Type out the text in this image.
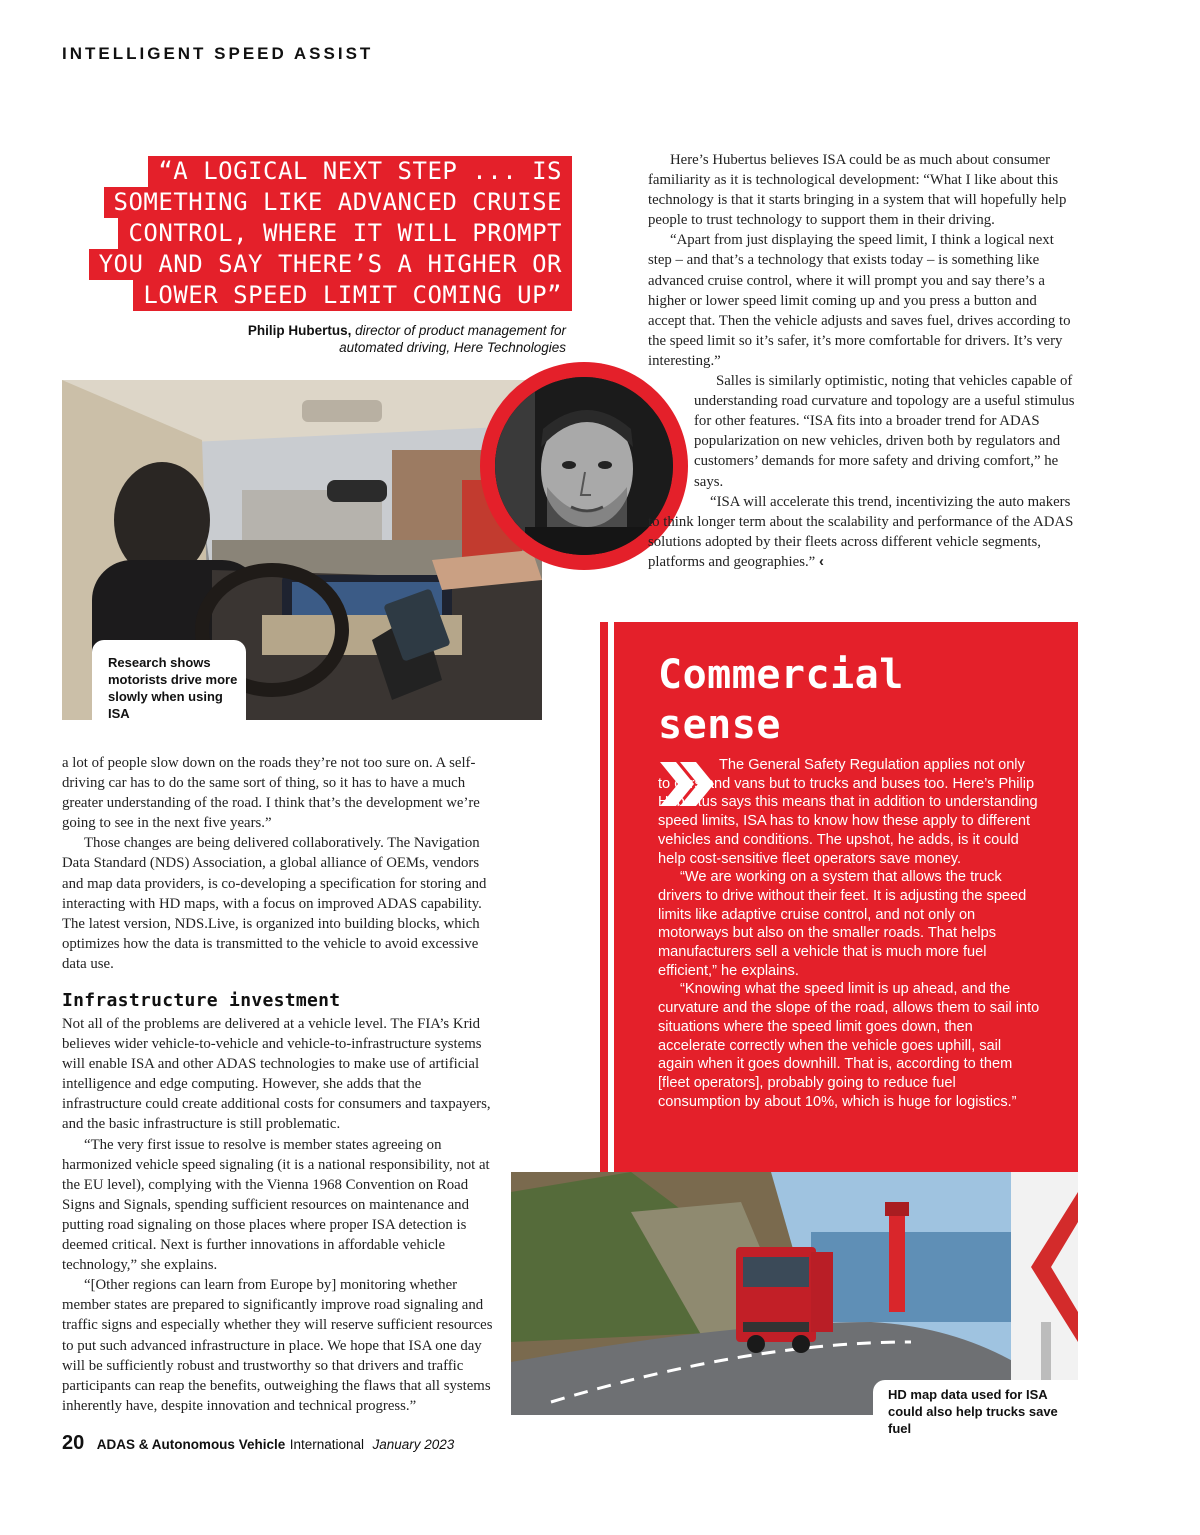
INTELLIGENT SPEED ASSIST
“A LOGICAL NEXT STEP ... IS
SOMETHING LIKE ADVANCED CRUISE
CONTROL, WHERE IT WILL PROMPT
YOU AND SAY THERE’S A HIGHER OR
LOWER SPEED LIMIT COMING UP”
Philip Hubertus, director of product management for
automated driving, Here Technologies
Research shows motorists drive more slowly when using ISA

Here’s Hubertus believes ISA could be as much about consumer familiarity as it is technological development: “What I like about this technology is that it starts bringing in a system that will hopefully help people to trust technology to support them in their driving.

“Apart from just displaying the speed limit, I think a logical next step – and that’s a technology that exists today – is something like advanced cruise control, where it will prompt you and say there’s a higher or lower speed limit coming up and you press a button and accept that. Then the vehicle adjusts and saves fuel, drives according to the speed limit so it’s safer, it’s more comfortable for drivers. It’s very interesting.”

Salles is similarly optimistic, noting that vehicles capable of understanding road curvature and topology are a useful stimulus for other features. “ISA fits into a broader trend for ADAS popularization on new vehicles, driven both by regulators and customers’ demands for more safety and driving comfort,” he says.

“ISA will accelerate this trend, incentivizing the auto makers to think longer term about the scalability and performance of the ADAS solutions adopted by their fleets across different vehicle segments, platforms and geographies.” ‹

a lot of people slow down on the roads they’re not too sure on. A self-driving car has to do the same sort of thing, so it has to have a much greater understanding of the road. I think that’s the development we’re going to see in the next five years.”

Those changes are being delivered collaboratively. The Navigation Data Standard (NDS) Association, a global alliance of OEMs, vendors and map data providers, is co-developing a specification for storing and interacting with HD maps, with a focus on improved ADAS capability. The latest version, NDS.Live, is organized into building blocks, which optimizes how the data is transmitted to the vehicle to avoid excessive data use.

Infrastructure investment

Not all of the problems are delivered at a vehicle level. The FIA’s Krid believes wider vehicle-to-vehicle and vehicle-to-infrastructure systems will enable ISA and other ADAS technologies to make use of artificial intelligence and edge computing. However, she adds that the infrastructure could create additional costs for consumers and taxpayers, and the basic infrastructure is still problematic.

“The very first issue to resolve is member states agreeing on harmonized vehicle speed signaling (it is a national responsibility, not at the EU level), complying with the Vienna 1968 Convention on Road Signs and Signals, spending sufficient resources on maintenance and putting road signaling on those places where proper ISA detection is deemed critical. Next is further innovations in affordable vehicle technology,” she explains.

“[Other regions can learn from Europe by] monitoring whether member states are prepared to significantly improve road signaling and traffic signs and especially whether they will reserve sufficient resources to put such advanced infrastructure in place. We hope that ISA one day will be sufficiently robust and trustworthy so that drivers and traffic participants can reap the benefits, outweighing the flaws that all systems inherently have, despite innovation and technical progress.”

Commercial
sense

The General Safety Regulation applies not only to cars and vans but to trucks and buses too. Here’s Philip Hubertus says this means that in addition to understanding speed limits, ISA has to know how these apply to different vehicles and conditions. The upshot, he adds, is it could help cost-sensitive fleet operators save money.

“We are working on a system that allows the truck drivers to drive without their feet. It is adjusting the speed limits like adaptive cruise control, and not only on motorways but also on the smaller roads. That helps manufacturers sell a vehicle that is much more fuel efficient,” he explains.

“Knowing what the speed limit is up ahead, and the curvature and the slope of the road, allows them to sail into situations where the speed limit goes down, then accelerate correctly when the vehicle goes uphill, sail again when it goes downhill. That is, according to them [fleet operators], probably going to reduce fuel consumption by about 10%, which is huge for logistics.”

HD map data used for ISA could also help trucks save fuel
20 ADAS & Autonomous Vehicle International January 2023
